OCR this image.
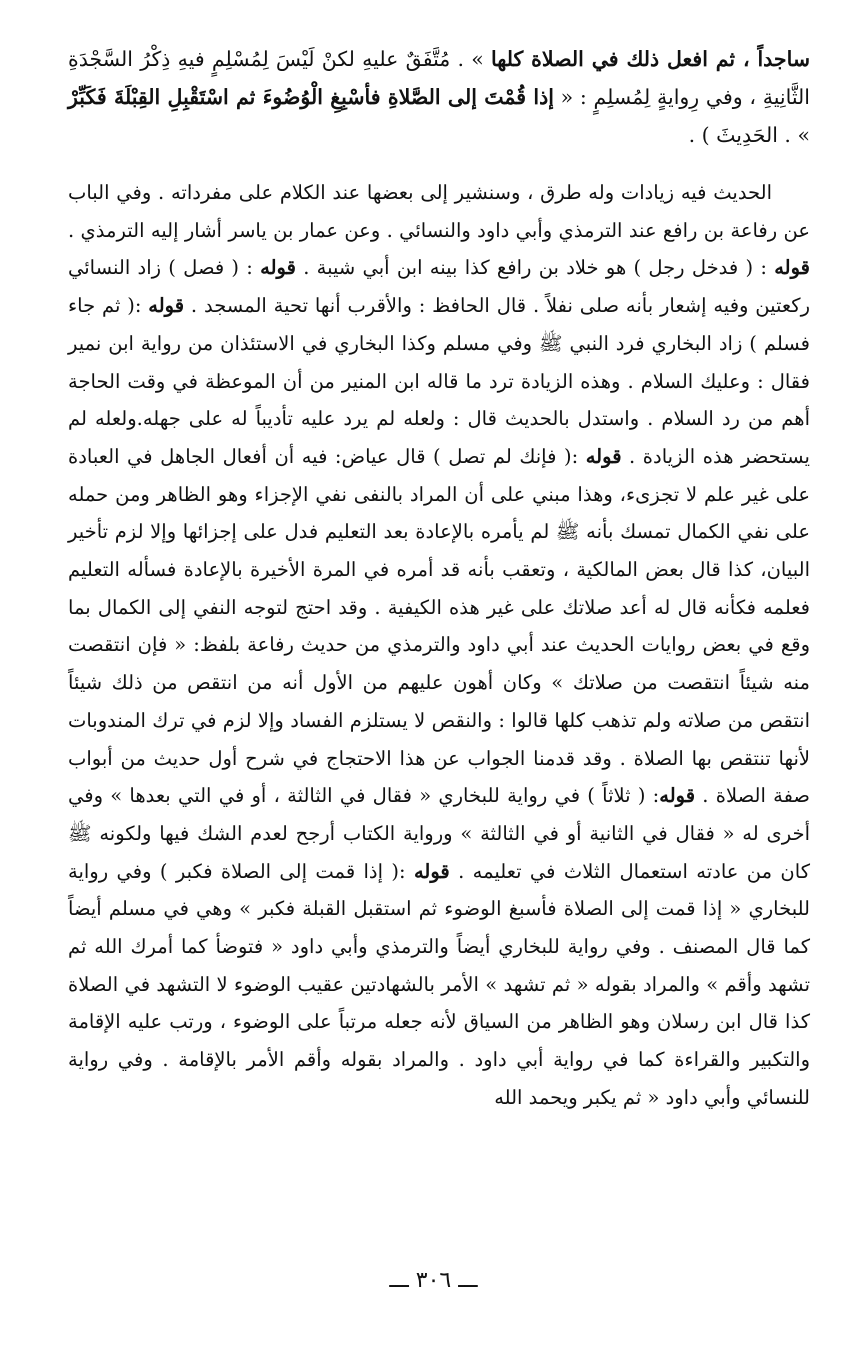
ساجداً ، ثم افعل ذلك في الصلاة كلها » . مُتَّفَقٌ عليهِ لكنْ لَيْسَ لِمُسْلِمٍ فيهِ ذِكْرُ السَّجْدَةِ الثَّانِيةِ ، وفي رِوايةٍ لِمُسلِمٍ : « إذا قُمْتَ إلى الصَّلاةِ فأسْبِغِ الْوُضُوءَ ثم اسْتَقْبِلِ القِبْلَةَ فَكَبِّرْ » . الحَدِيثَ ) .

الحديث فيه زيادات وله طرق ، وسنشير إلى بعضها عند الكلام على مفرداته . وفي الباب عن رفاعة بن رافع عند الترمذي وأبي داود والنسائي . وعن عمار بن ياسر أشار إليه الترمذي . قوله : ( فدخل رجل ) هو خلاد بن رافع كذا بينه ابن أبي شيبة . قوله : ( فصل ) زاد النسائي ركعتين وفيه إشعار بأنه صلى نفلاً . قال الحافظ : والأقرب أنها تحية المسجد . قوله :( ثم جاء فسلم ) زاد البخاري فرد النبي ﷺ وفي مسلم وكذا البخاري في الاستئذان من رواية ابن نمير فقال : وعليك السلام . وهذه الزيادة ترد ما قاله ابن المنير من أن الموعظة في وقت الحاجة أهم من رد السلام . واستدل بالحديث قال : ولعله لم يرد عليه تأديباً له على جهله.ولعله لم يستحضر هذه الزيادة . قوله :( فإنك لم تصل ) قال عياض: فيه أن أفعال الجاهل في العبادة على غير علم لا تجزىء، وهذا مبني على أن المراد بالنفى نفي الإجزاء وهو الظاهر ومن حمله على نفي الكمال تمسك بأنه ﷺ لم يأمره بالإعادة بعد التعليم فدل على إجزائها وإلا لزم تأخير البيان، كذا قال بعض المالكية ، وتعقب بأنه قد أمره في المرة الأخيرة بالإعادة فسأله التعليم فعلمه فكأنه قال له أعد صلاتك على غير هذه الكيفية . وقد احتج لتوجه النفي إلى الكمال بما وقع في بعض روايات الحديث عند أبي داود والترمذي من حديث رفاعة بلفظ: « فإن انتقصت منه شيئاً انتقصت من صلاتك » وكان أهون عليهم من الأول أنه من انتقص من ذلك شيئاً انتقص من صلاته ولم تذهب كلها قالوا : والنقص لا يستلزم الفساد وإلا لزم في ترك المندوبات لأنها تنتقص بها الصلاة . وقد قدمنا الجواب عن هذا الاحتجاج في شرح أول حديث من أبواب صفة الصلاة . قوله: ( ثلاثاً ) في رواية للبخاري « فقال في الثالثة ، أو في التي بعدها » وفي أخرى له « فقال في الثانية أو في الثالثة » ورواية الكتاب أرجح لعدم الشك فيها ولكونه ﷺ كان من عادته استعمال الثلاث في تعليمه . قوله :( إذا قمت إلى الصلاة فكبر ) وفي رواية للبخاري « إذا قمت إلى الصلاة فأسبغ الوضوء ثم استقبل القبلة فكبر » وهي في مسلم أيضاً كما قال المصنف . وفي رواية للبخاري أيضاً والترمذي وأبي داود « فتوضأ كما أمرك الله ثم تشهد وأقم » والمراد بقوله « ثم تشهد » الأمر بالشهادتين عقيب الوضوء لا التشهد في الصلاة كذا قال ابن رسلان وهو الظاهر من السياق لأنه جعله مرتباً على الوضوء ، ورتب عليه الإقامة والتكبير والقراءة كما في رواية أبي داود . والمراد بقوله وأقم الأمر بالإقامة . وفي رواية للنسائي وأبي داود « ثم يكبر ويحمد الله

ـــ ٣٠٦ ـــ
